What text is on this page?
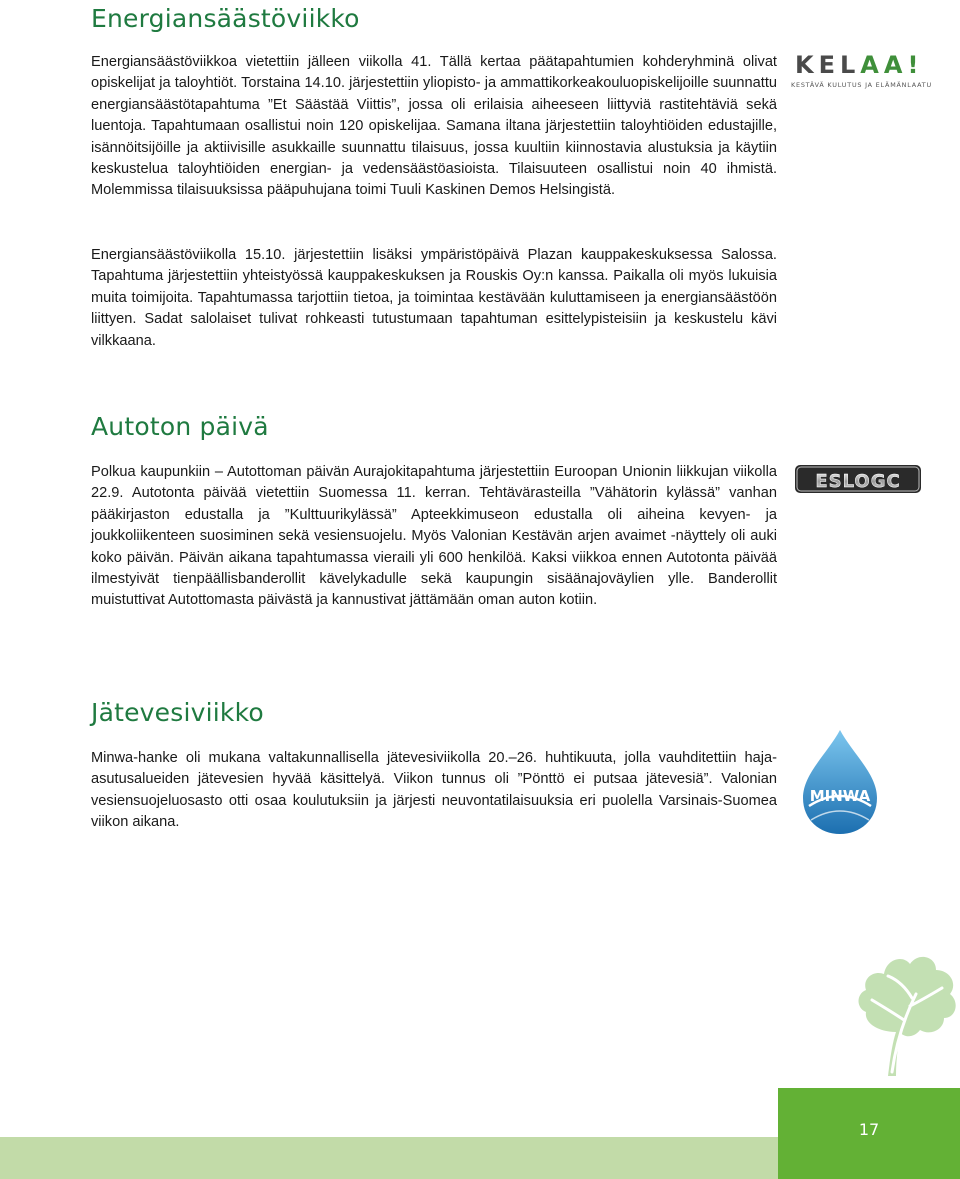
Energiansäästöviikko

Energiansäästöviikkoa vietettiin jälleen viikolla 41. Tällä kertaa päätapahtumien kohderyhminä olivat opiskelijat ja taloyhtiöt. Torstaina 14.10. järjestettiin yliopisto- ja ammattikorkeakouluopiskelijoille suunnattu energiansäästötapahtuma ”Et Säästää Viittis”, jossa oli erilaisia aiheeseen liittyviä rastitehtäviä sekä luentoja. Tapahtumaan osallistui noin 120 opiskelijaa. Samana iltana järjestettiin taloyhtiöiden edustajille, isännöitsijöille ja aktiivisille asukkaille suunnattu tilaisuus, jossa kuultiin kiinnostavia alustuksia ja käytiin keskustelua taloyhtiöiden energian- ja vedensäästöasioista. Tilaisuuteen osallistui noin 40 ihmistä. Molemmissa tilaisuuksissa pääpuhujana toimi Tuuli Kaskinen Demos Helsingistä.

Energiansäästöviikolla 15.10. järjestettiin lisäksi ympäristöpäivä Plazan kauppakeskuksessa Salossa. Tapahtuma järjestettiin yhteistyössä kauppakeskuksen ja Rouskis Oy:n kanssa. Paikalla oli myös lukuisia muita toimijoita. Tapahtumassa tarjottiin tietoa, ja toimintaa kestävään kuluttamiseen ja energiansäästöön liittyen. Sadat salolaiset tulivat rohkeasti tutustumaan tapahtuman esittelypisteisiin ja keskustelu kävi vilkkaana.

Autoton päivä

Polkua kaupunkiin – Autottoman päivän Aurajokitapahtuma järjestettiin Euroopan Unionin liikkujan viikolla 22.9. Autotonta päivää vietettiin Suomessa 11. kerran. Tehtävärasteilla ”Vähätorin kylässä” vanhan pääkirjaston edustalla ja ”Kulttuurikylässä” Apteekkimuseon edustalla oli aiheina kevyen- ja joukkoliikenteen suosiminen sekä vesiensuojelu. Myös Valonian Kestävän arjen avaimet -näyttely oli auki koko päivän. Päivän aikana tapahtumassa vieraili yli 600 henkilöä. Kaksi viikkoa ennen Autotonta päivää ilmestyivät tienpäällisbanderollit kävelykadulle sekä kaupungin sisäänajoväylien ylle. Banderollit muistuttivat Autottomasta päivästä ja kannustivat jättämään oman auton kotiin.

Jätevesiviikko

Minwa-hanke oli mukana valtakunnallisella jätevesiviikolla 20.–26. huhtikuuta, jolla vauhditettiin haja-asutusalueiden jätevesien hyvää käsittelyä. Viikon tunnus oli ”Pönttö ei putsaa jätevesiä”. Valonian vesiensuojeluosasto otti osaa koulutuksiin ja järjesti neuvontatilaisuuksia eri puolella Varsinais-Suomea viikon aikana.

KELAA!

KESTÄVÄ KULUTUS JA ELÄMÄNLAATU

ESLOGC
MINWA
17
